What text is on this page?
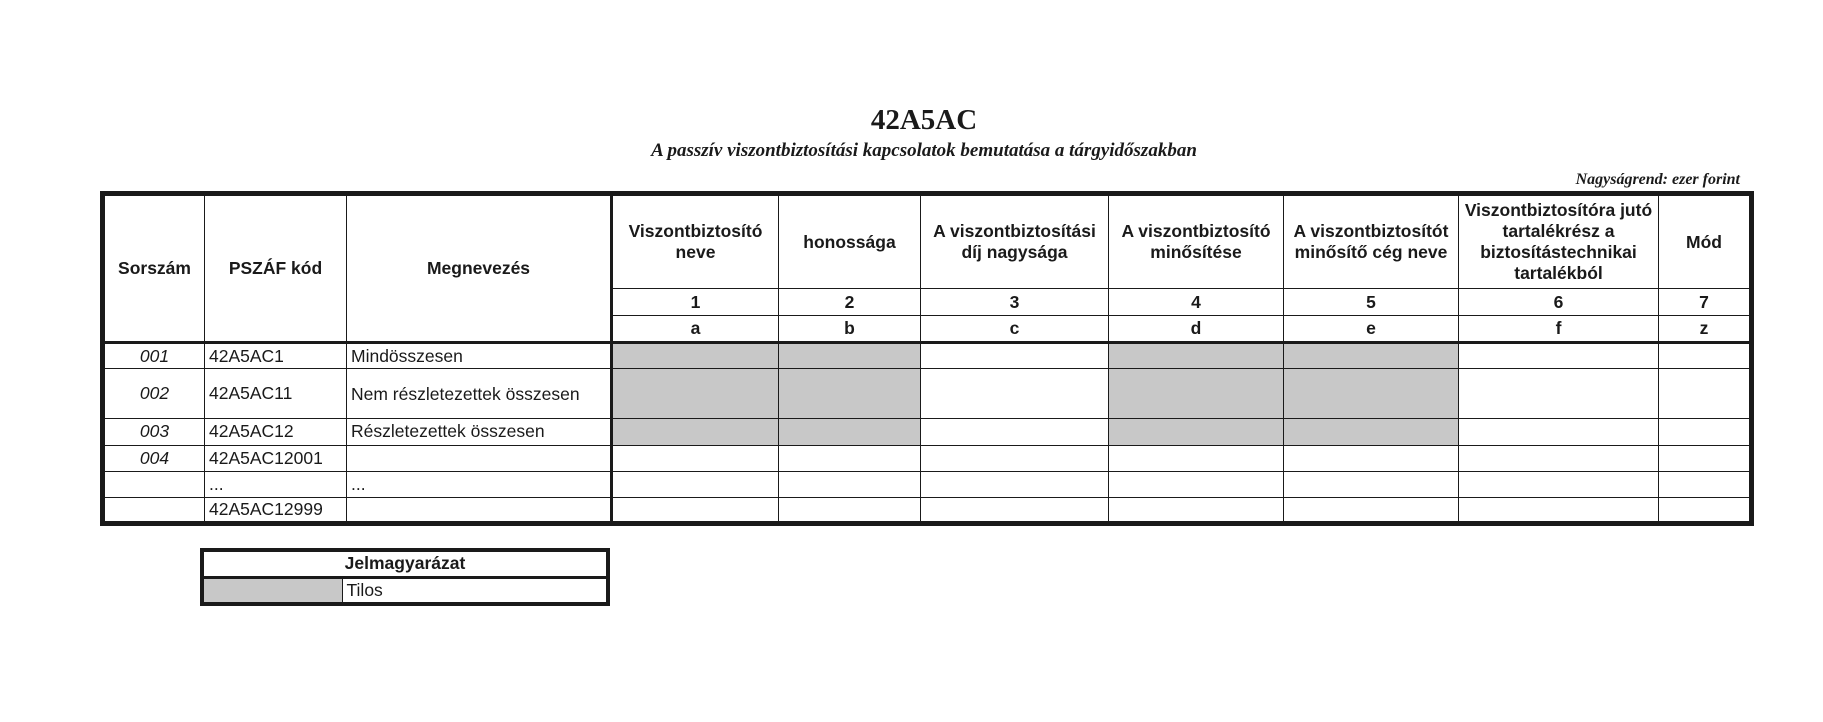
42A5AC
A passzív viszontbiztosítási kapcsolatok bemutatása a tárgyidőszakban
Nagyságrend: ezer forint
Sorszám	PSZÁF kód	Megnevezés	Viszontbiztosító neve	honossága	A viszontbiztosítási díj nagysága	A viszontbiztosító minősítése	A viszontbiztosítót minősítő cég neve	Viszontbiztosítóra jutó tartalékrész a biztosítástechnikai tartalékból	Mód
			1	2	3	4	5	6	7
			a	b	c	d	e	f	z
001	42A5AC1	Mindösszesen							
002	42A5AC11	Nem részletezettek összesen							
003	42A5AC12	Részletezettek összesen							
004	42A5AC12001								
	...	...							
	42A5AC12999								
Jelmagyarázat
	Tilos
